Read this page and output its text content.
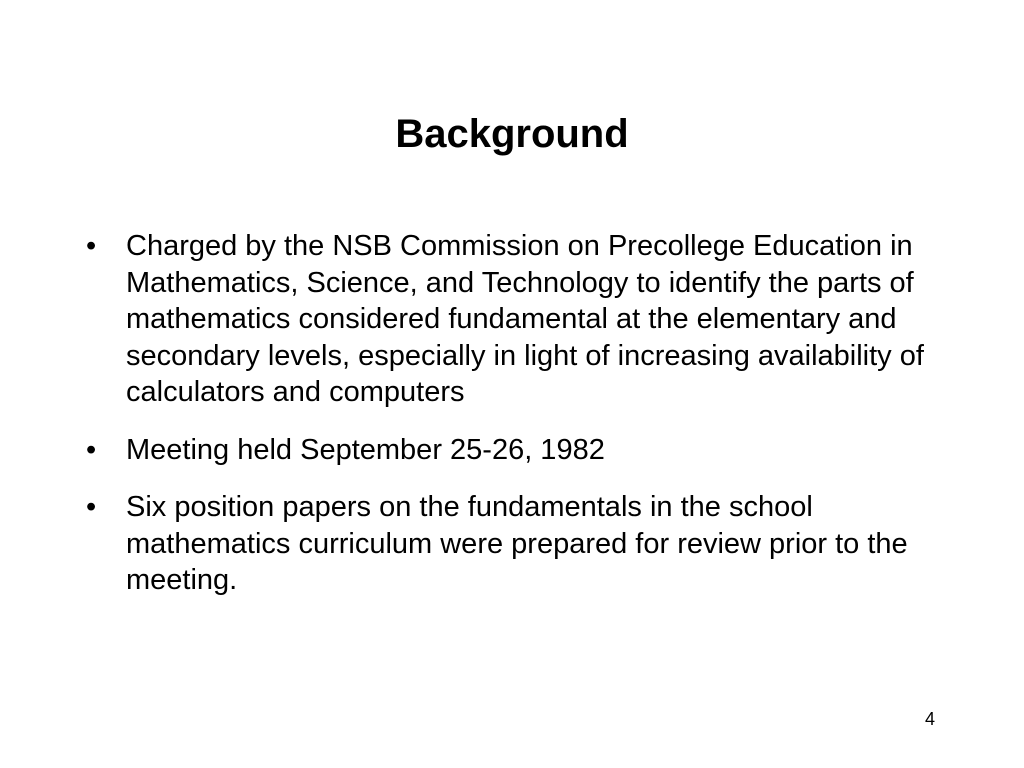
Background
•	Charged by the NSB Commission on Precollege Education in Mathematics, Science, and Technology to identify the parts of mathematics considered fundamental at the elementary and secondary levels, especially in light of increasing availability of calculators and computers
•	Meeting held September 25-26, 1982
•	Six position papers on the fundamentals in the school mathematics curriculum were prepared for review prior to the meeting.
4
